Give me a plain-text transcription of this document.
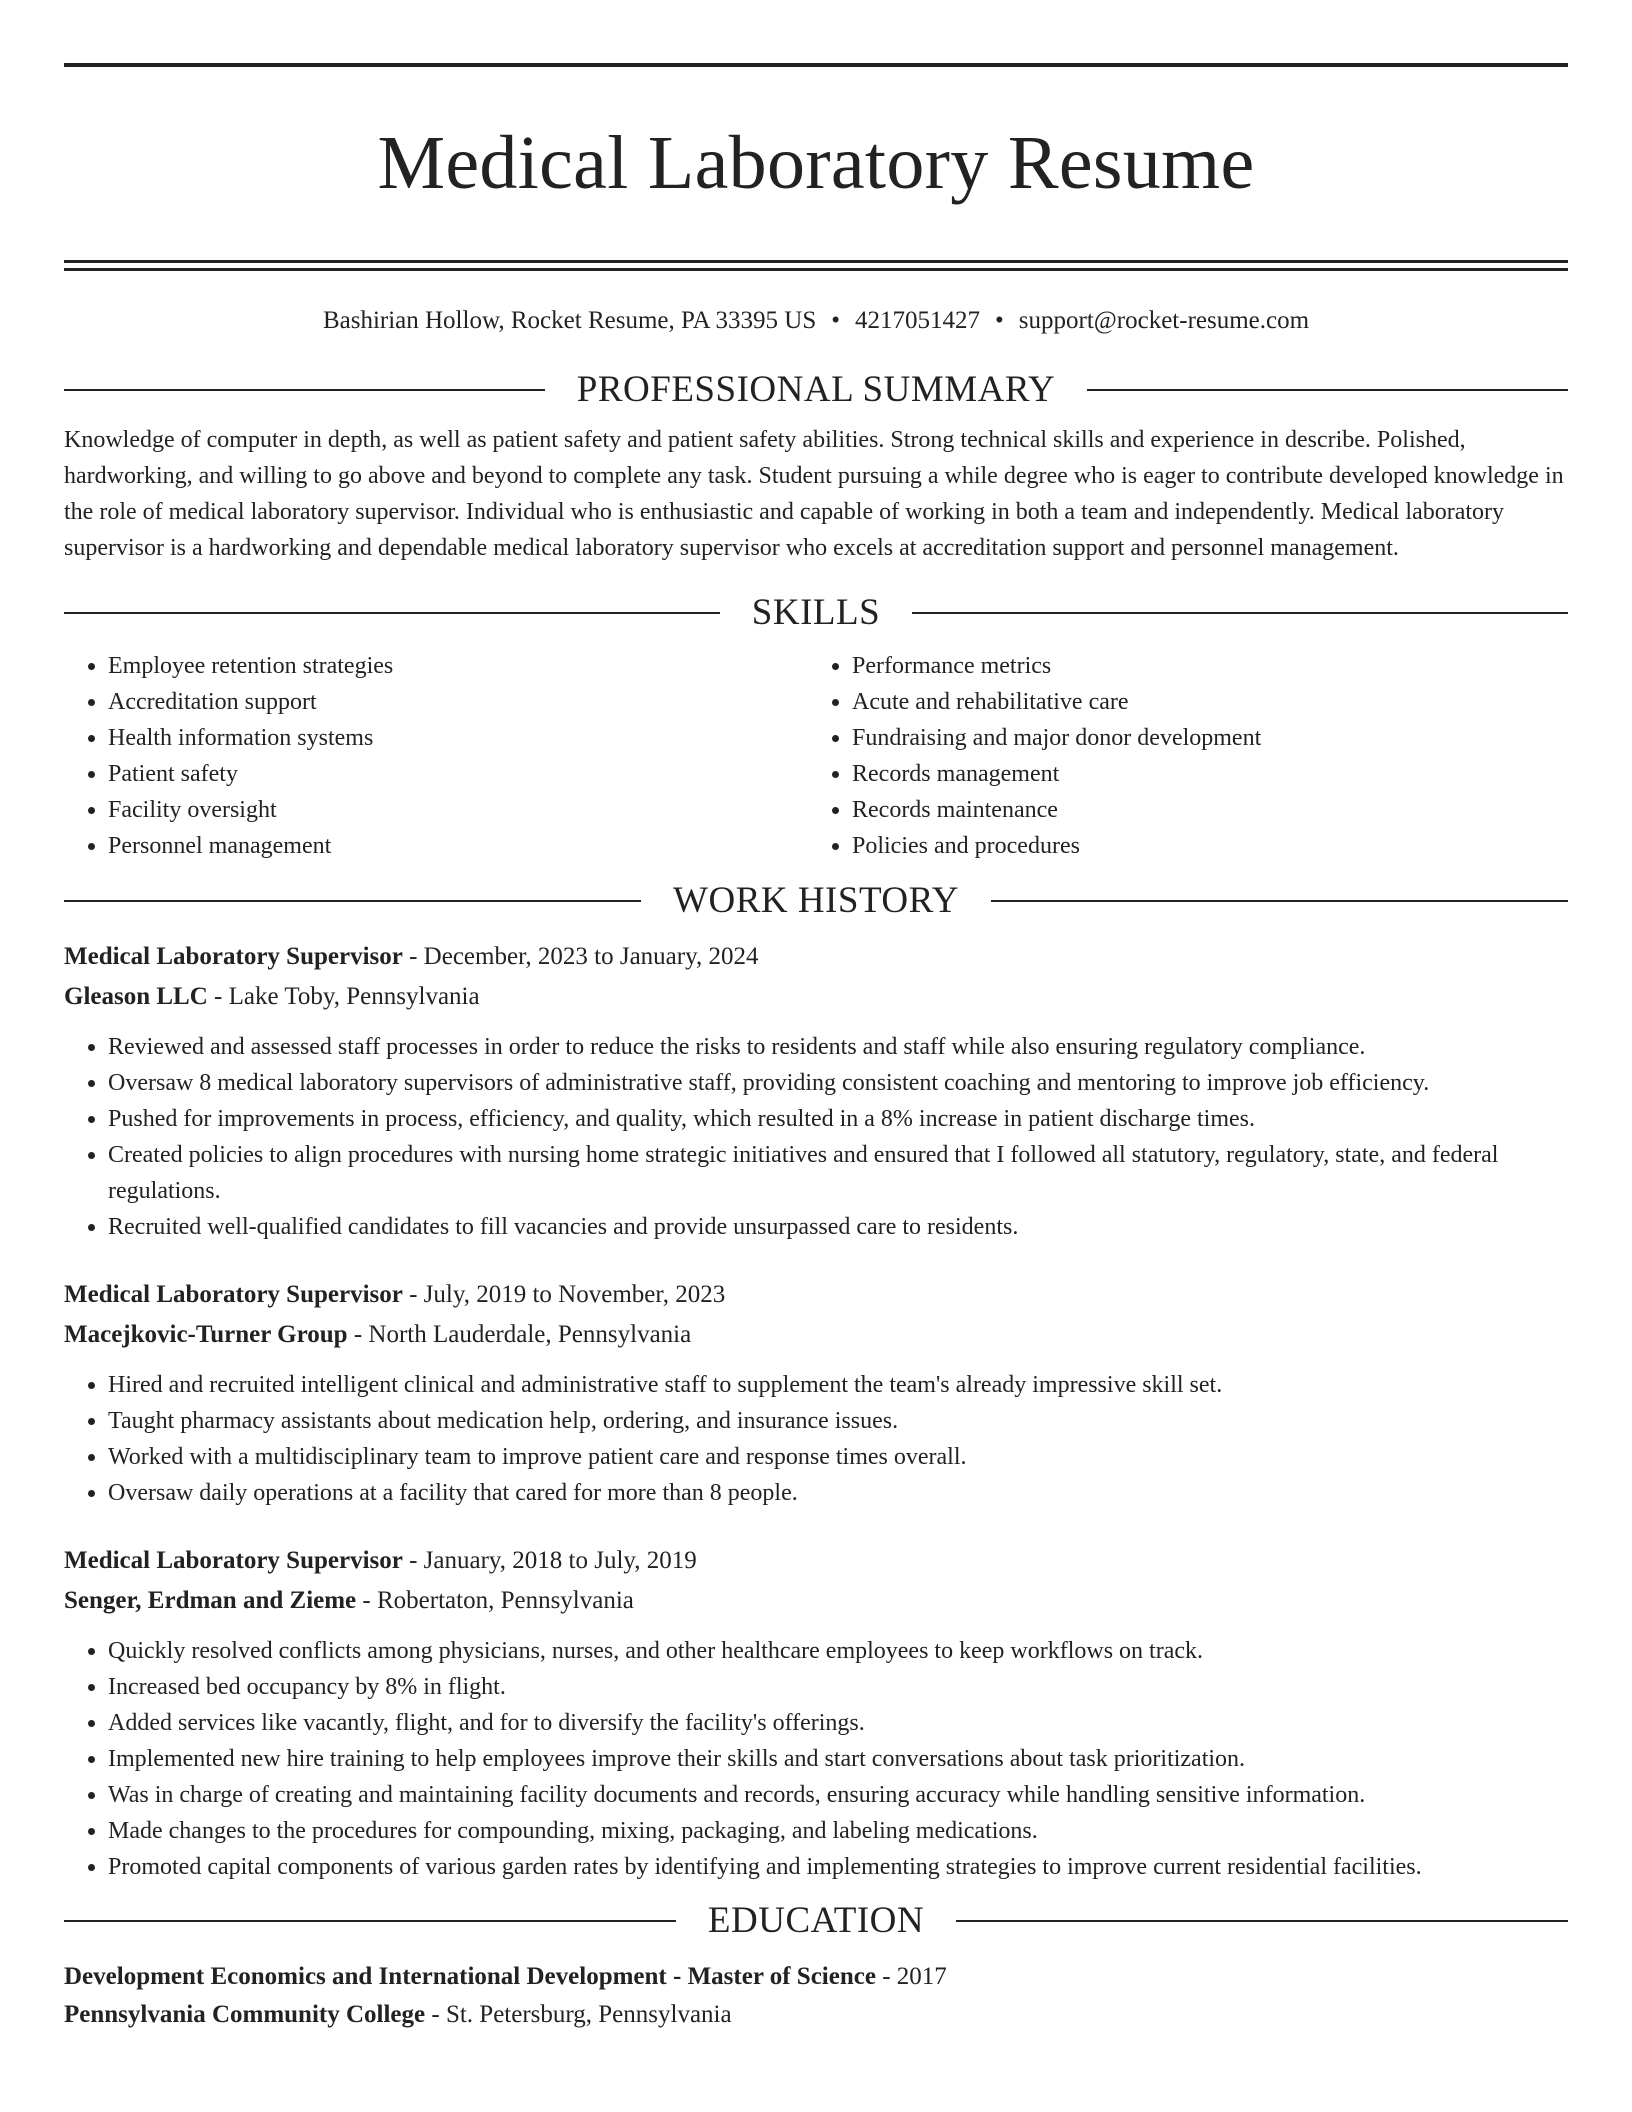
Medical Laboratory Resume
Bashirian Hollow, Rocket Resume, PA 33395 US • 4217051427 • support@rocket-resume.com
PROFESSIONAL SUMMARY

Knowledge of computer in depth, as well as patient safety and patient safety abilities. Strong technical skills and experience in describe. Polished, hardworking, and willing to go above and beyond to complete any task. Student pursuing a while degree who is eager to contribute developed knowledge in the role of medical laboratory supervisor. Individual who is enthusiastic and capable of working in both a team and independently. Medical laboratory supervisor is a hardworking and dependable medical laboratory supervisor who excels at accreditation support and personnel management.

SKILLS
• Employee retention strategies
• Accreditation support
• Health information systems
• Patient safety
• Facility oversight
• Personnel management
• Performance metrics
• Acute and rehabilitative care
• Fundraising and major donor development
• Records management
• Records maintenance
• Policies and procedures
WORK HISTORY
Medical Laboratory Supervisor - December, 2023 to January, 2024
Gleason LLC - Lake Toby, Pennsylvania
• Reviewed and assessed staff processes in order to reduce the risks to residents and staff while also ensuring regulatory compliance.
• Oversaw 8 medical laboratory supervisors of administrative staff, providing consistent coaching and mentoring to improve job efficiency.
• Pushed for improvements in process, efficiency, and quality, which resulted in a 8% increase in patient discharge times.
• Created policies to align procedures with nursing home strategic initiatives and ensured that I followed all statutory, regulatory, state, and federal regulations.
• Recruited well-qualified candidates to fill vacancies and provide unsurpassed care to residents.
Medical Laboratory Supervisor - July, 2019 to November, 2023
Macejkovic-Turner Group - North Lauderdale, Pennsylvania
• Hired and recruited intelligent clinical and administrative staff to supplement the team's already impressive skill set.
• Taught pharmacy assistants about medication help, ordering, and insurance issues.
• Worked with a multidisciplinary team to improve patient care and response times overall.
• Oversaw daily operations at a facility that cared for more than 8 people.
Medical Laboratory Supervisor - January, 2018 to July, 2019
Senger, Erdman and Zieme - Robertaton, Pennsylvania
• Quickly resolved conflicts among physicians, nurses, and other healthcare employees to keep workflows on track.
• Increased bed occupancy by 8% in flight.
• Added services like vacantly, flight, and for to diversify the facility's offerings.
• Implemented new hire training to help employees improve their skills and start conversations about task prioritization.
• Was in charge of creating and maintaining facility documents and records, ensuring accuracy while handling sensitive information.
• Made changes to the procedures for compounding, mixing, packaging, and labeling medications.
• Promoted capital components of various garden rates by identifying and implementing strategies to improve current residential facilities.
EDUCATION
Development Economics and International Development - Master of Science - 2017
Pennsylvania Community College - St. Petersburg, Pennsylvania
